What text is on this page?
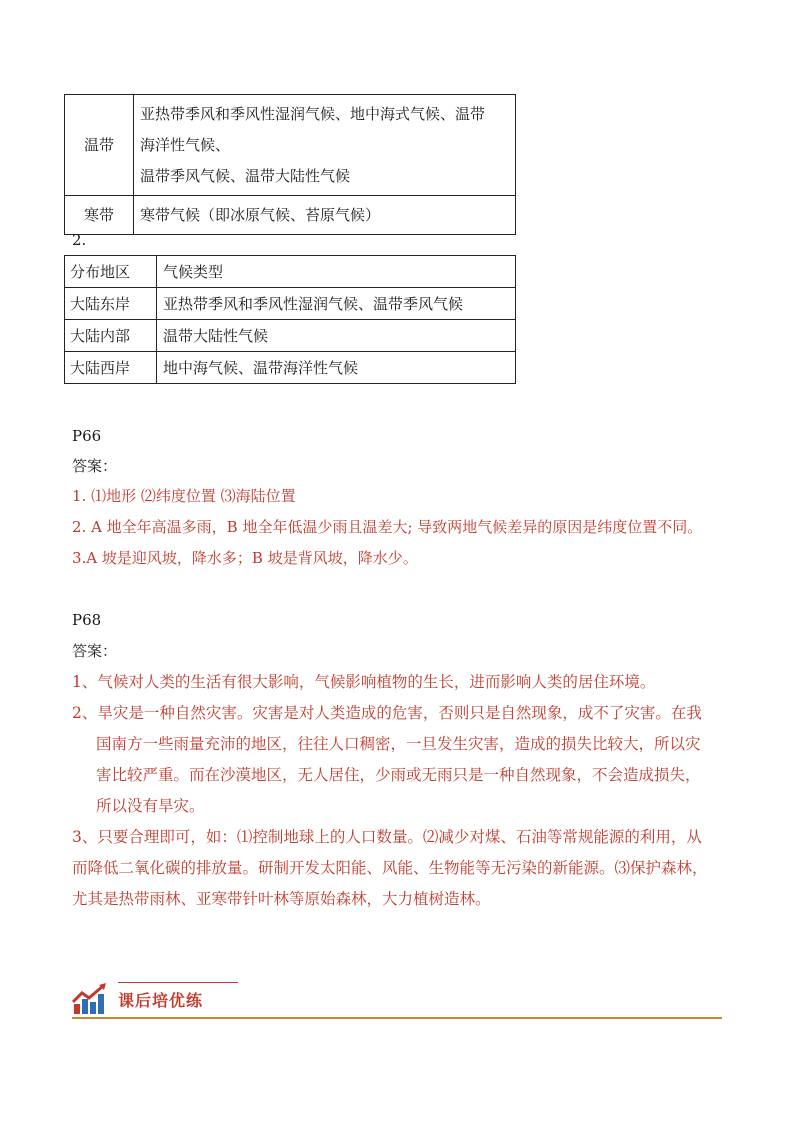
温带	亚热带季风和季风性湿润气候、地中海式气候、温带
海洋性气候、
温带季风气候、温带大陆性气候

寒带	寒带气候（即冰原气候、苔原气候）
2.
分布地区	气候类型
大陆东岸	亚热带季风和季风性湿润气候、温带季风气候
大陆内部	温带大陆性气候
大陆西岸	地中海气候、温带海洋性气候
P66
答案：
1. ⑴地形 ⑵纬度位置 ⑶海陆位置
2. A 地全年高温多雨，B 地全年低温少雨且温差大; 导致两地气候差异的原因是纬度位置不同。
3.A 坡是迎风坡，降水多；B 坡是背风坡，降水少。
P68
答案：
1、气候对人类的生活有很大影响，气候影响植物的生长，进而影响人类的居住环境。
2、旱灾是一种自然灾害。灾害是对人类造成的危害，否则只是自然现象，成不了灾害。在我
国南方一些雨量充沛的地区，往往人口稠密，一旦发生灾害，造成的损失比较大，所以灾
害比较严重。而在沙漠地区，无人居住，少雨或无雨只是一种自然现象，不会造成损失，
所以没有旱灾。
3、只要合理即可，如：⑴控制地球上的人口数量。⑵减少对煤、石油等常规能源的利用，从
而降低二氧化碳的排放量。研制开发太阳能、风能、生物能等无污染的新能源。⑶保护森林，
尤其是热带雨林、亚寒带针叶林等原始森林，大力植树造林。
课后培优练
